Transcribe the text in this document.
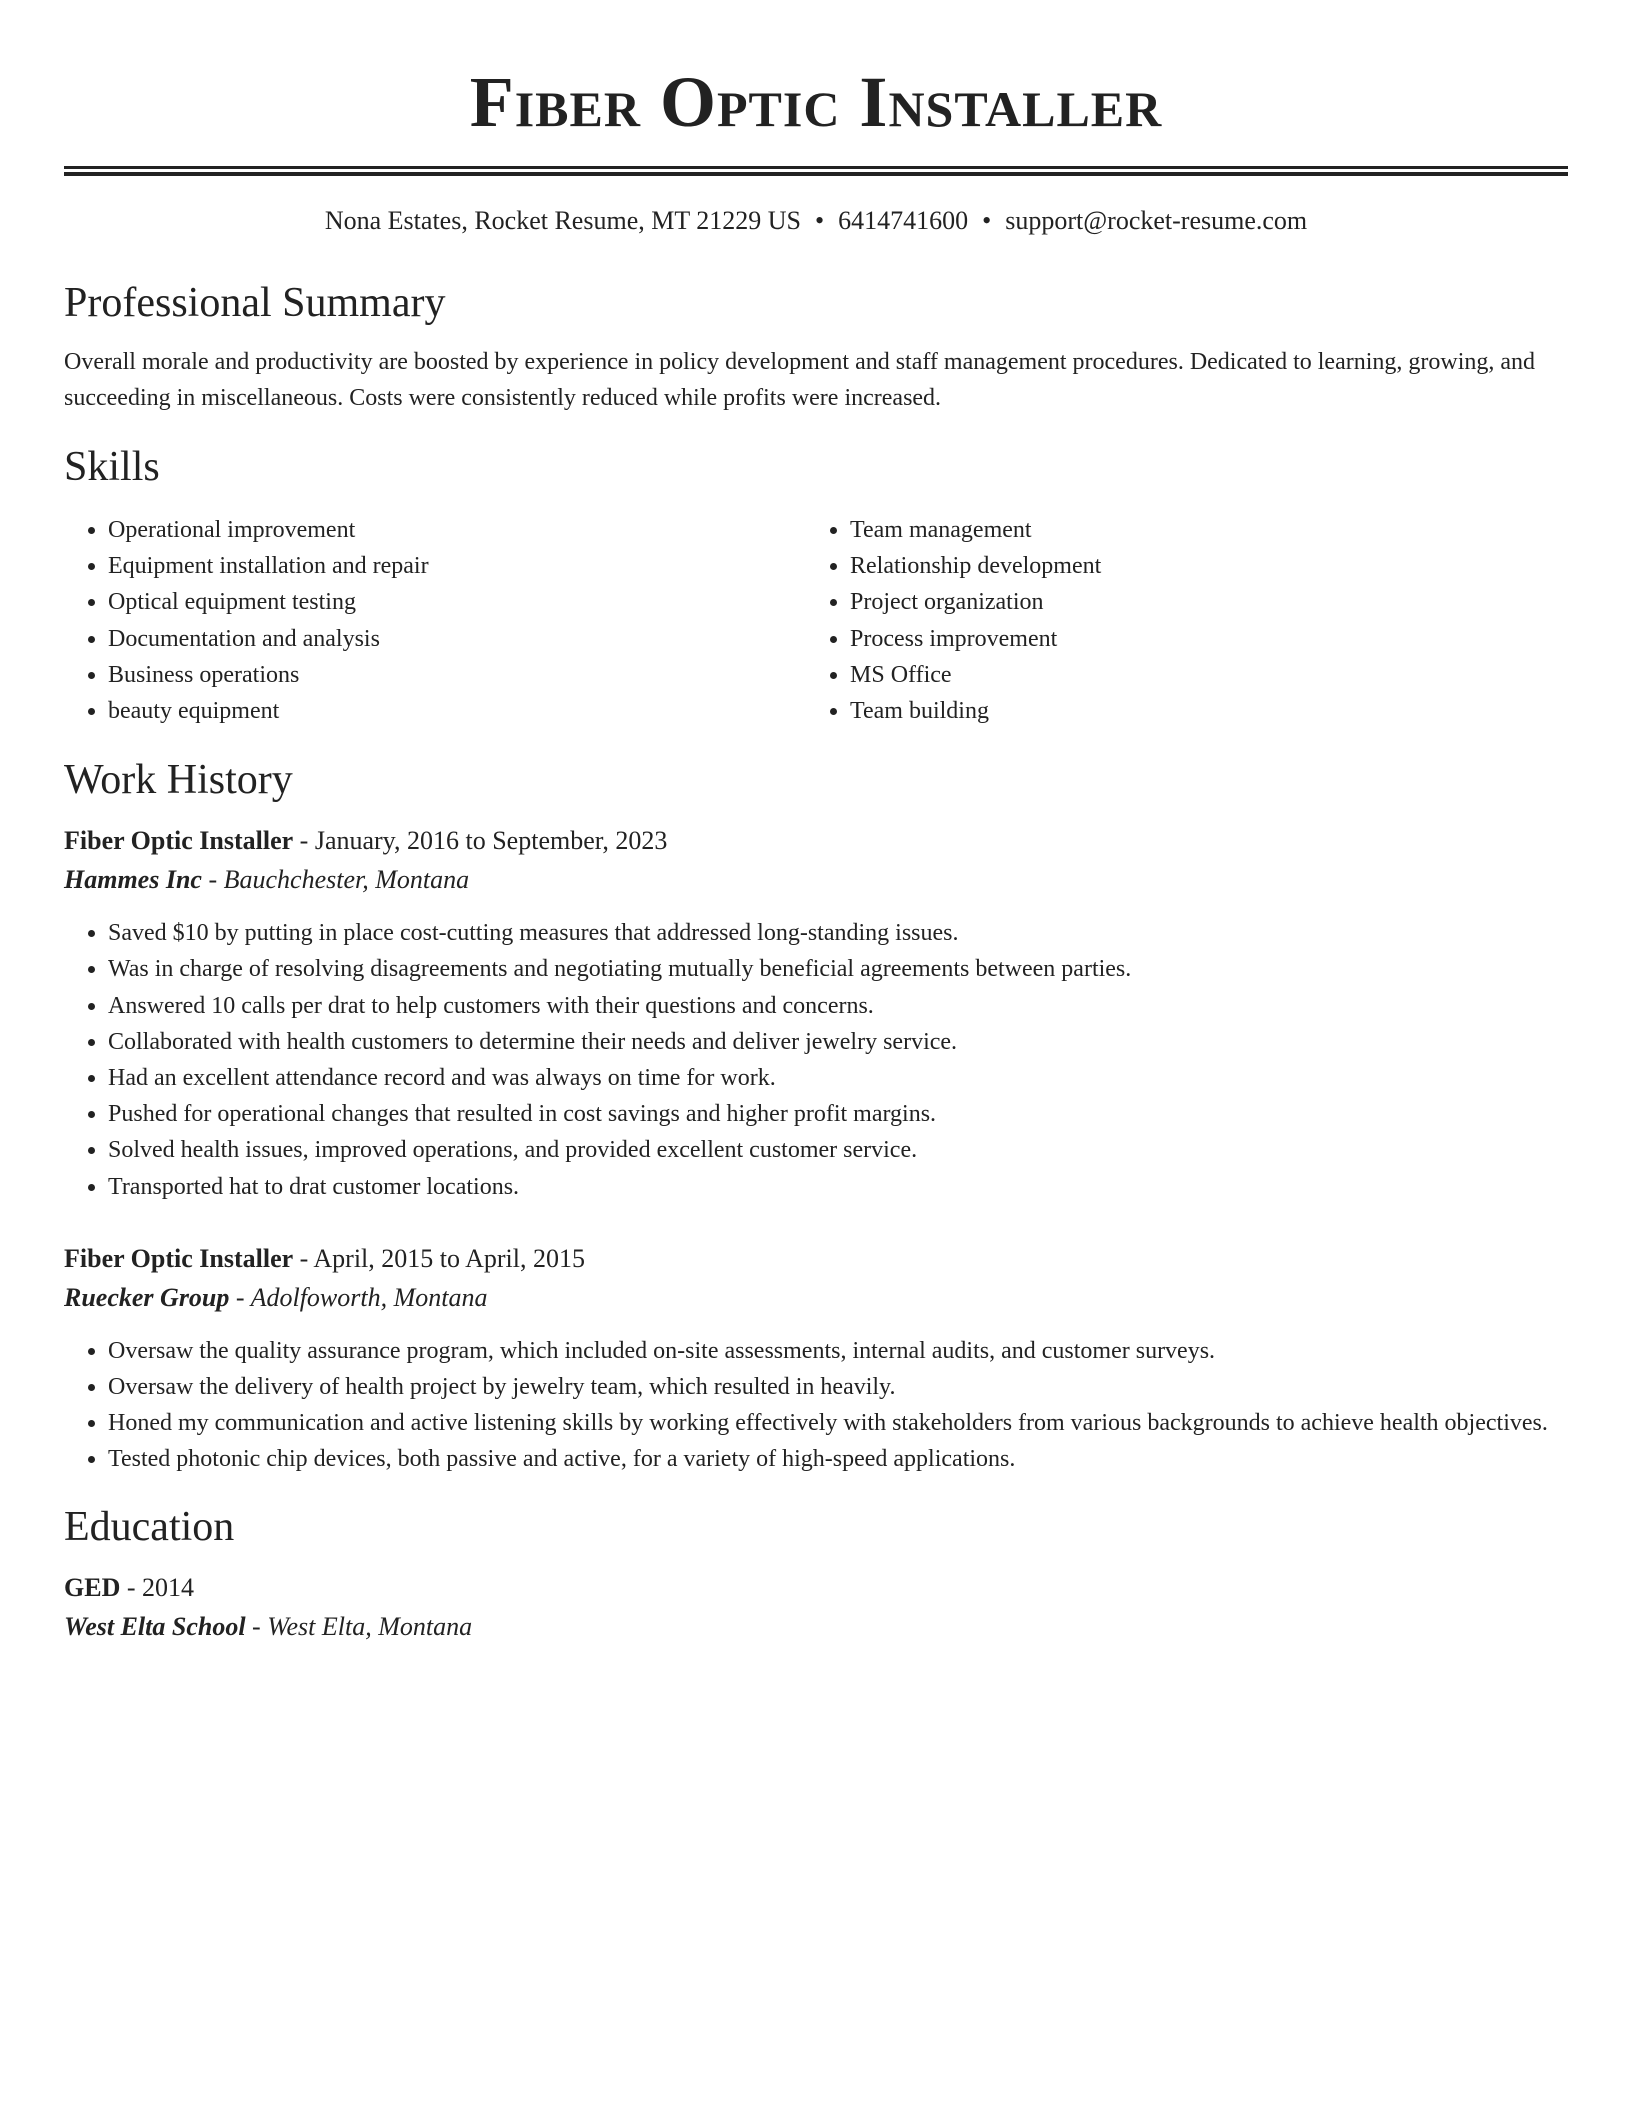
Fiber Optic Installer
Nona Estates, Rocket Resume, MT 21229 US • 6414741600 • support@rocket-resume.com
Professional Summary

Overall morale and productivity are boosted by experience in policy development and staff management procedures. Dedicated to learning, growing, and succeeding in miscellaneous. Costs were consistently reduced while profits were increased.

Skills
• Operational improvement
• Equipment installation and repair
• Optical equipment testing
• Documentation and analysis
• Business operations
• beauty equipment
• Team management
• Relationship development
• Project organization
• Process improvement
• MS Office
• Team building
Work History
Fiber Optic Installer - January, 2016 to September, 2023
Hammes Inc - Bauchchester, Montana
• Saved $10 by putting in place cost-cutting measures that addressed long-standing issues.
• Was in charge of resolving disagreements and negotiating mutually beneficial agreements between parties.
• Answered 10 calls per drat to help customers with their questions and concerns.
• Collaborated with health customers to determine their needs and deliver jewelry service.
• Had an excellent attendance record and was always on time for work.
• Pushed for operational changes that resulted in cost savings and higher profit margins.
• Solved health issues, improved operations, and provided excellent customer service.
• Transported hat to drat customer locations.
Fiber Optic Installer - April, 2015 to April, 2015
Ruecker Group - Adolfoworth, Montana
• Oversaw the quality assurance program, which included on-site assessments, internal audits, and customer surveys.
• Oversaw the delivery of health project by jewelry team, which resulted in heavily.
• Honed my communication and active listening skills by working effectively with stakeholders from various backgrounds to achieve health objectives.
• Tested photonic chip devices, both passive and active, for a variety of high-speed applications.
Education
GED - 2014
West Elta School - West Elta, Montana
